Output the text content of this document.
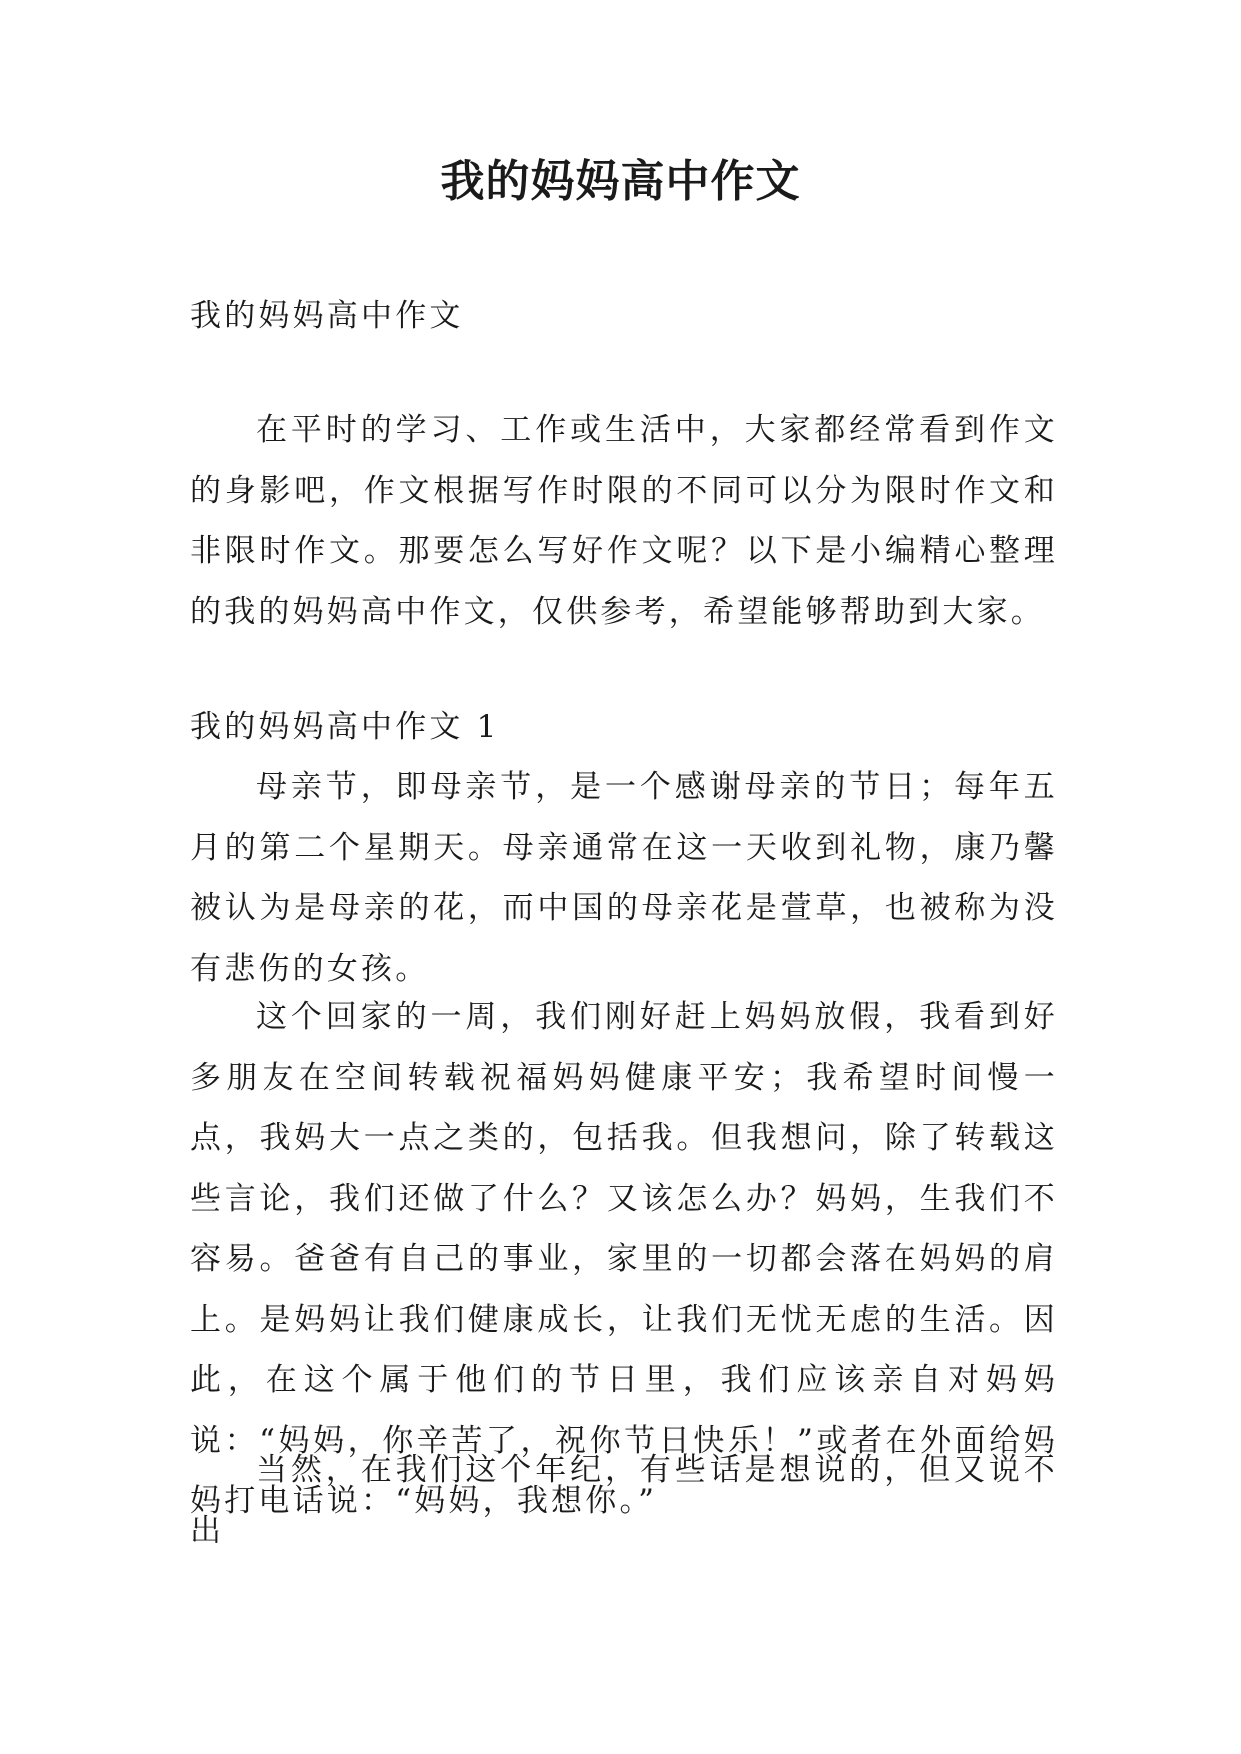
我的妈妈高中作文

我的妈妈高中作文

在平时的学习、工作或生活中，大家都经常看到作文的身影吧，作文根据写作时限的不同可以分为限时作文和非限时作文。那要怎么写好作文呢？以下是小编精心整理的我的妈妈高中作文，仅供参考，希望能够帮助到大家。

我的妈妈高中作文 1

母亲节，即母亲节，是一个感谢母亲的节日；每年五月的第二个星期天。母亲通常在这一天收到礼物，康乃馨被认为是母亲的花，而中国的母亲花是萱草，也被称为没有悲伤的女孩。

这个回家的一周，我们刚好赶上妈妈放假，我看到好多朋友在空间转载祝福妈妈健康平安；我希望时间慢一点，我妈大一点之类的，包括我。但我想问，除了转载这些言论，我们还做了什么？又该怎么办？妈妈，生我们不容易。爸爸有自己的事业，家里的一切都会落在妈妈的肩上。是妈妈让我们健康成长，让我们无忧无虑的生活。因此，在这个属于他们的节日里，我们应该亲自对妈妈说：“妈妈，你辛苦了，祝你节日快乐！”或者在外面给妈妈打电话说：“妈妈，我想你。”

当然，在我们这个年纪，有些话是想说的，但又说不出
